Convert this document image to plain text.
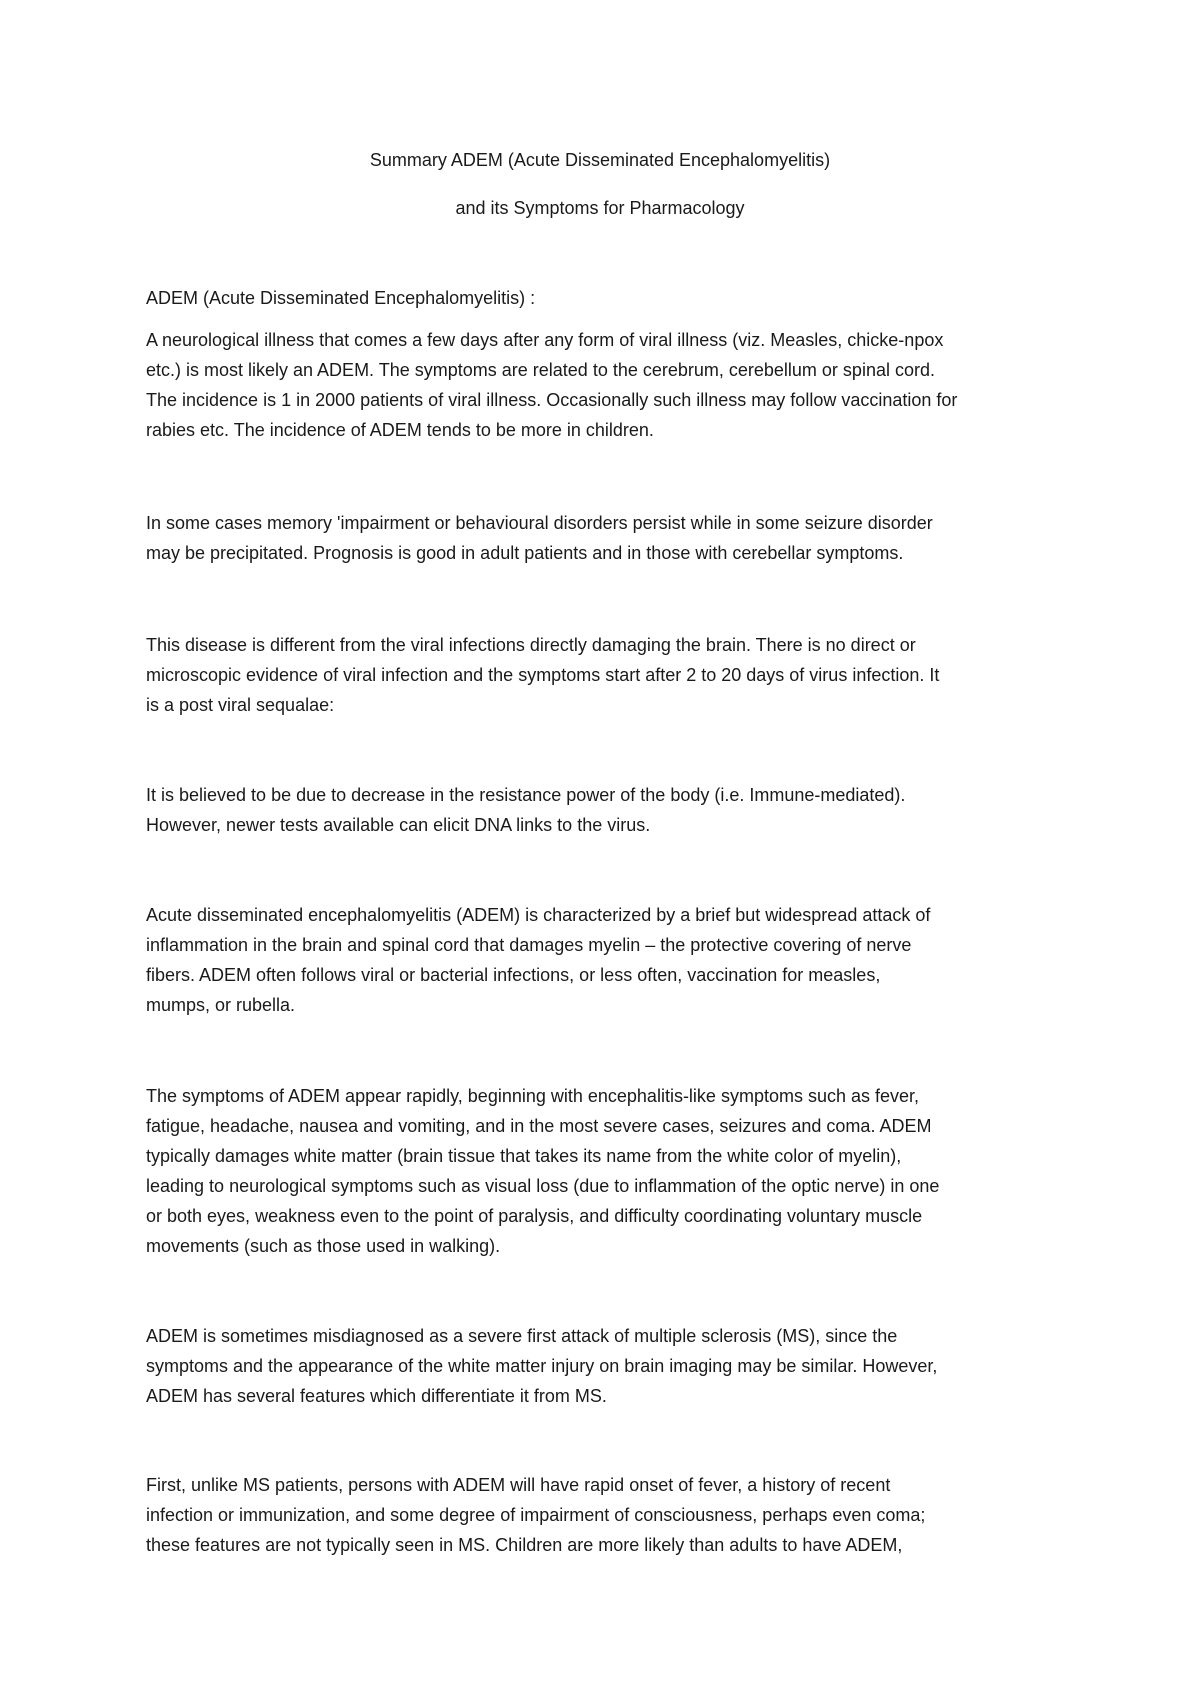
Summary ADEM (Acute Disseminated Encephalomyelitis)
and its Symptoms for Pharmacology

ADEM (Acute Disseminated Encephalomyelitis) :

A neurological illness that comes a few days after any form of viral illness (viz. Measles, chicke-npox
etc.) is most likely an ADEM. The symptoms are related to the cerebrum, cerebellum or spinal cord.
The incidence is 1 in 2000 patients of viral illness. Occasionally such illness may follow vaccination for
rabies etc. The incidence of ADEM tends to be more in children.

In some cases memory 'impairment or behavioural disorders persist while in some seizure disorder
may be precipitated. Prognosis is good in adult patients and in those with cerebellar symptoms.

This disease is different from the viral infections directly damaging the brain. There is no direct or
microscopic evidence of viral infection and the symptoms start after 2 to 20 days of virus infection. It
is a post viral sequalae:

It is believed to be due to decrease in the resistance power of the body (i.e. Immune-mediated).
However, newer tests available can elicit DNA links to the virus.

Acute disseminated encephalomyelitis (ADEM) is characterized by a brief but widespread attack of
inflammation in the brain and spinal cord that damages myelin – the protective covering of nerve
fibers. ADEM often follows viral or bacterial infections, or less often, vaccination for measles,
mumps, or rubella.

The symptoms of ADEM appear rapidly, beginning with encephalitis-like symptoms such as fever,
fatigue, headache, nausea and vomiting, and in the most severe cases, seizures and coma. ADEM
typically damages white matter (brain tissue that takes its name from the white color of myelin),
leading to neurological symptoms such as visual loss (due to inflammation of the optic nerve) in one
or both eyes, weakness even to the point of paralysis, and difficulty coordinating voluntary muscle
movements (such as those used in walking).

ADEM is sometimes misdiagnosed as a severe first attack of multiple sclerosis (MS), since the
symptoms and the appearance of the white matter injury on brain imaging may be similar. However,
ADEM has several features which differentiate it from MS.

First, unlike MS patients, persons with ADEM will have rapid onset of fever, a history of recent
infection or immunization, and some degree of impairment of consciousness, perhaps even coma;
these features are not typically seen in MS. Children are more likely than adults to have ADEM,
